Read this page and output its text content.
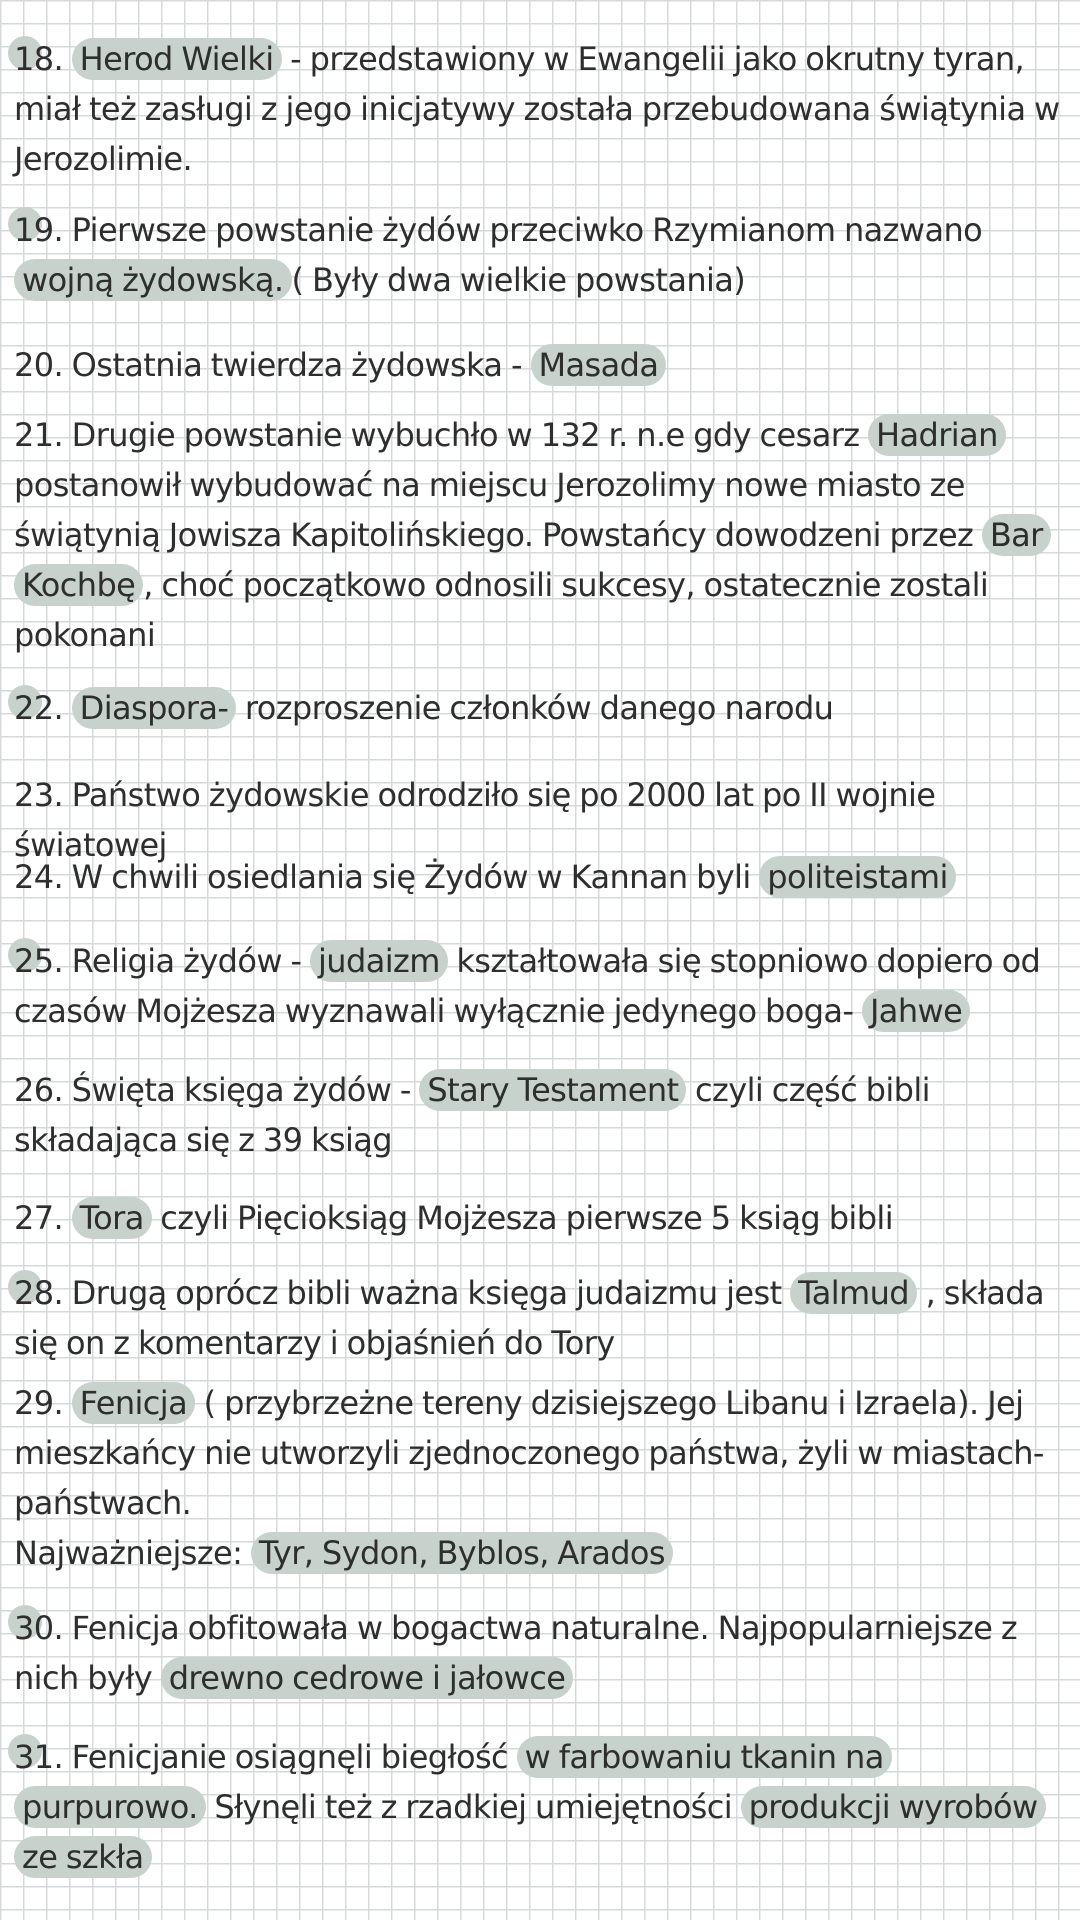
18. Herod Wielki - przedstawiony w Ewangelii jako okrutny tyran, miał też zasługi z jego inicjatywy została przebudowana świątynia w Jerozolimie.
19. Pierwsze powstanie żydów przeciwko Rzymianom nazwano wojną żydowską. ( Były dwa wielkie powstania)
20. Ostatnia twierdza żydowska - Masada
21. Drugie powstanie wybuchło w 132 r. n.e gdy cesarz Hadrian postanowił wybudować na miejscu Jerozolimy nowe miasto ze świątynią Jowisza Kapitolińskiego. Powstańcy dowodzeni przez Bar Kochbę , choć początkowo odnosili sukcesy, ostatecznie zostali pokonani
22. Diaspora- rozproszenie członków danego narodu
23. Państwo żydowskie odrodziło się po 2000 lat po II wojnie światowej
24. W chwili osiedlania się Żydów w Kannan byli politeistami
25. Religia żydów - judaizm kształtowała się stopniowo dopiero od czasów Mojżesza wyznawali wyłącznie jedynego boga- Jahwe
26. Święta księga żydów - Stary Testament czyli część bibli składająca się z 39 ksiąg
27. Tora czyli Pięcioksiąg Mojżesza pierwsze 5 ksiąg bibli
28. Drugą oprócz bibli ważna księga judaizmu jest Talmud , składa się on z komentarzy i objaśnień do Tory
29. Fenicja ( przybrzeżne tereny dzisiejszego Libanu i Izraela). Jej mieszkańcy nie utworzyli zjednoczonego państwa, żyli w miastach-państwach.
Najważniejsze: Tyr, Sydon, Byblos, Arados
30. Fenicja obfitowała w bogactwa naturalne. Najpopularniejsze z nich były drewno cedrowe i jałowce
31. Fenicjanie osiągnęli biegłość w farbowaniu tkanin na purpurowo. Słynęli też z rzadkiej umiejętności produkcji wyrobów ze szkła
